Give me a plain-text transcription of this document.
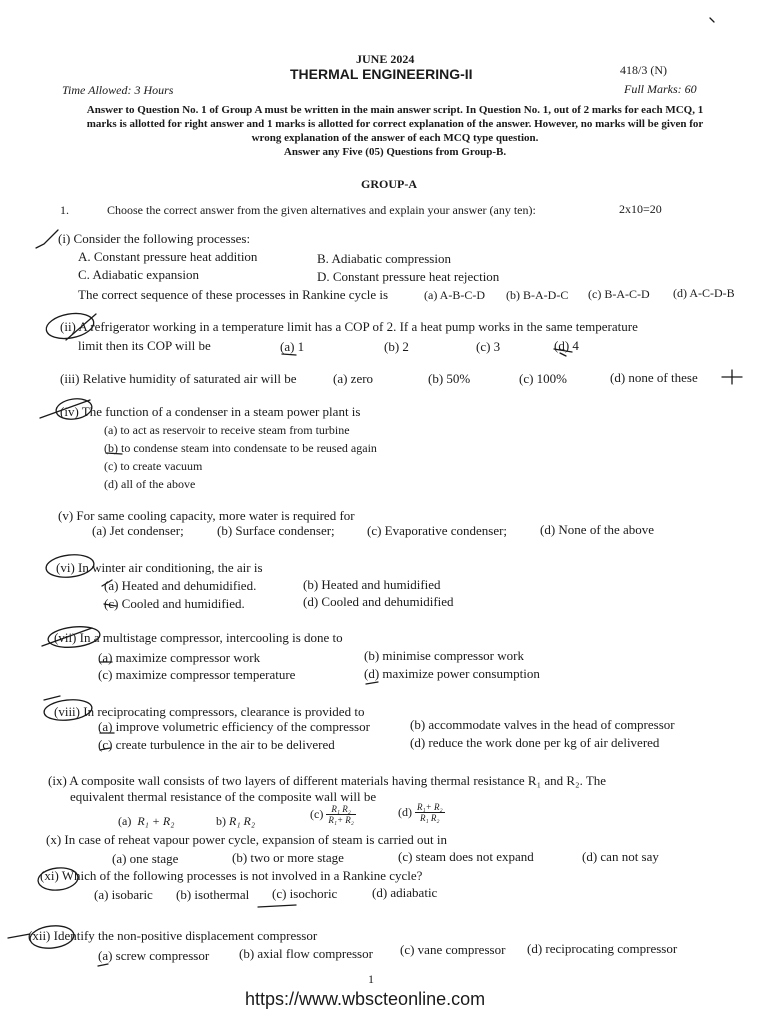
JUNE 2024
THERMAL ENGINEERING-II	418/3 (N)
Time Allowed: 3 Hours	Full Marks: 60
Answer to Question No. 1 of Group A must be written in the main answer script. In Question No. 1, out of 2 marks for each MCQ, 1 marks is allotted for right answer and 1 marks is allotted for correct explanation of the answer. However, no marks will be given for wrong explanation of the answer of each MCQ type question.
Answer any Five (05) Questions from Group-B.
GROUP-A
1.	Choose the correct answer from the given alternatives and explain your answer (any ten):	2x10=20
(i) Consider the following processes:
A. Constant pressure heat addition	B. Adiabatic compression
C. Adiabatic expansion	D. Constant pressure heat rejection
The correct sequence of these processes in Rankine cycle is	(a) A-B-C-D (b) B-A-D-C (c) B-A-C-D (d) A-C-D-B
(ii) A refrigerator working in a temperature limit has a COP of 2. If a heat pump works in the same temperature
limit then its COP will be	(a) 1	(b) 2	(c) 3	(d) 4
(iii) Relative humidity of saturated air will be	(a) zero	(b) 50%	(c) 100%	(d) none of these
(iv) The function of a condenser in a steam power plant is
(a) to act as reservoir to receive steam from turbine
(b) to condense steam into condensate to be reused again
(c) to create vacuum
(d) all of the above
(v) For same cooling capacity, more water is required for
(a) Jet condenser;	(b) Surface condenser; (c) Evaporative condenser;	(d) None of the above
(vi) In winter air conditioning, the air is
(a) Heated and dehumidified.	(b) Heated and humidified
(c) Cooled and humidified.	(d) Cooled and dehumidified
(vii) In a multistage compressor, intercooling is done to
(a) maximize compressor work	(b) minimise compressor work
(c) maximize compressor temperature	(d) maximize power consumption
(viii) In reciprocating compressors, clearance is provided to
(a) improve volumetric efficiency of the compressor	(b) accommodate valves in the head of compressor
(c) create turbulence in the air to be delivered	(d) reduce the work done per kg of air delivered
(ix) A composite wall consists of two layers of different materials having thermal resistance R₁ and R₂. The
equivalent thermal resistance of the composite wall will be
(a) R₁ + R₂	b) R₁ R₂	$(c) \frac{\text{R₁ R₂}}{\text{R₁+ R₂}}$	$(d) \frac{\text{R₁+ R₂}}{\text{R₁ R₂}}$
(x) In case of reheat vapour power cycle, expansion of steam is carried out in
(a) one stage	(b) two or more stage	(c) steam does not expand	(d) can not say
(xi) Which of the following processes is not involved in a Rankine cycle?
(a) isobaric (b) isothermal (c) isochoric	(d) adiabatic
(xii) Identify the non-positive displacement compressor
(a) screw compressor (b) axial flow compressor (c) vane compressor (d) reciprocating compressor
1
https://www.wbscteonline.com
